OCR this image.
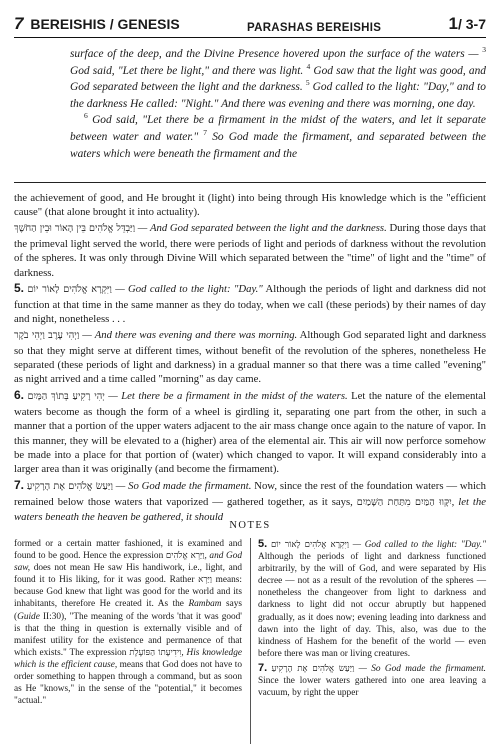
7 BEREISHIS / GENESIS	PARASHAS BEREISHIS	1/ 3-7

surface of the deep, and the Divine Presence hovered upon the surface of the waters — $^3$ God said, "Let there be light," and there was light. $^4$ God saw that the light was good, and God separated between the light and the darkness. $^5$ God called to the light: "Day," and to the darkness He called: "Night." And there was evening and there was morning, one day.

$^6$ God said, "Let there be a firmament in the midst of the waters, and let it separate between water and water." $^7$ So God made the firmament, and separated between the waters which were beneath the firmament and the

the achievement of good, and He brought it (light) into being through His knowledge which is the "efficient cause" (that alone brought it into actuality).

וַיַּבְדֵּל אֱלֹהִים בֵּין הָאוֹר וּבֵין הַחֹשֶׁךְ — And God separated between the light and the darkness. During those days that the primeval light served the world, there were periods of light and periods of darkness without the revolution of the spheres. It was only through Divine Will which separated between the "time" of light and the "time" of darkness.

5. וַיִּקְרָא אֱלֹהִים לָאוֹר יוֹם — God called to the light: "Day." Although the periods of light and darkness did not function at that time in the same manner as they do today, when we call (these periods) by their names of day and night, nonetheless . . .

וַיְהִי עֶרֶב וַיְהִי בֹקֶר — And there was evening and there was morning. Although God separated light and darkness so that they might serve at different times, without benefit of the revolution of the spheres, nonetheless He separated (these periods of light and darkness) in a gradual manner so that there was a time called "evening" as night arrived and a time called "morning" as day came.

6. יְהִי רָקִיעַ בְּתוֹךְ הַמָּיִם — Let there be a firmament in the midst of the waters. Let the nature of the elemental waters become as though the form of a wheel is girdling it, separating one part from the other, in such a manner that a portion of the upper waters adjacent to the air mass change once again to the nature of vapor. In this manner, they will be elevated to a (higher) area of the elemental air. This air will now perforce somehow be made into a place for that portion of (water) which changed to vapor. It will expand considerably into a larger area than it was originally (and become the firmament).

7. וַיַּעַשׂ אֱלֹהִים אֶת הָרָקִיעַ — So God made the firmament. Now, since the rest of the foundation waters — which remained below those waters that vaporized — gathered together, as it says, יִקָּווּ הַמַּיִם מִתַּחַת הַשָּׁמַיִם, let the waters beneath the heaven be gathered, it should

NOTES

formed or a certain matter fashioned, it is examined and found to be good. Hence the expression וַיַּרְא אֱלֹהִים, and God saw, does not mean He saw His handiwork, i.e., light, and found it to His liking, for it was good. Rather וַיַּרְא means: because God knew that light was good for the world and its inhabitants, therefore He created it. As the Rambam says (Guide II:30), "The meaning of the words 'that it was good' is that the thing in question is externally visible and of manifest utility for the existence and permanence of that which exists." The expression וִידִיעָתוֹ הַפּוֹעֶלֶת, His knowledge which is the efficient cause, means that God does not have to order something to happen through a command, but as soon as He "knows," in the sense of the "potential," it becomes "actual."

5. וַיִּקְרָא אֱלֹהִים לָאוֹר יוֹם — God called to the light: "Day." Although the periods of light and darkness functioned arbitrarily, by the will of God, and were separated by His decree — not as a result of the revolution of the spheres — nonetheless the changeover from light to darkness and darkness to light did not occur abruptly but happened gradually, as it does now; evening leading into darkness and dawn into the light of day. This, also, was due to the kindness of Hashem for the benefit of the world — even before there was man or living creatures.

7. וַיַּעַשׂ אֱלֹהִים אֶת הָרָקִיעַ — So God made the firmament. Since the lower waters gathered into one area leaving a vacuum, by right the upper
